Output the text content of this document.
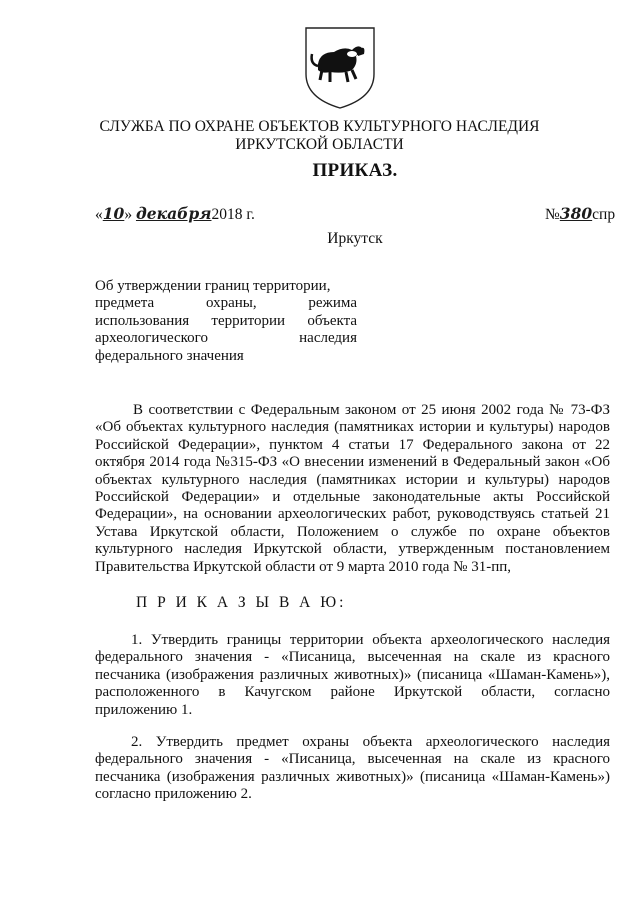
СЛУЖБА ПО ОХРАНЕ ОБЪЕКТОВ КУЛЬТУРНОГО НАСЛЕДИЯ
ИРКУТСКОЙ ОБЛАСТИ
ПРИКАЗ.
«10» декабря2018 г.	№380спр
Иркутск
Об утверждении границ территории,
предмета	охраны,	режима
использования территории объекта
археологического	наследия
федерального значения
В соответствии с Федеральным законом от 25 июня 2002 года № 73-ФЗ
«Об объектах культурного наследия (памятниках истории и культуры) народов
Российской Федерации», пунктом 4 статьи 17 Федерального закона от 22
октября 2014 года №315-ФЗ «О внесении изменений в Федеральный закон «Об
объектах культурного наследия (памятниках истории и культуры) народов
Российской Федерации» и отдельные законодательные акты Российской
Федерации», на основании археологических работ, руководствуясь статьей 21
Устава Иркутской области, Положением о службе по охране объектов
культурного наследия Иркутской области, утвержденным постановлением
Правительства Иркутской области от 9 марта 2010 года № 31-пп,
П Р И К А З Ы В А Ю:
1. Утвердить границы территории объекта археологического наследия
федерального значения - «Писаница, высеченная на скале из красного
песчаника (изображения различных животных)» (писаница «Шаман-Камень»),
расположенного в Качугском районе Иркутской области, согласно
приложению 1.
2. Утвердить предмет охраны объекта археологического наследия
федерального значения - «Писаница, высеченная на скале из красного
песчаника (изображения различных животных)» (писаница «Шаман-Камень»)
согласно приложению 2.
